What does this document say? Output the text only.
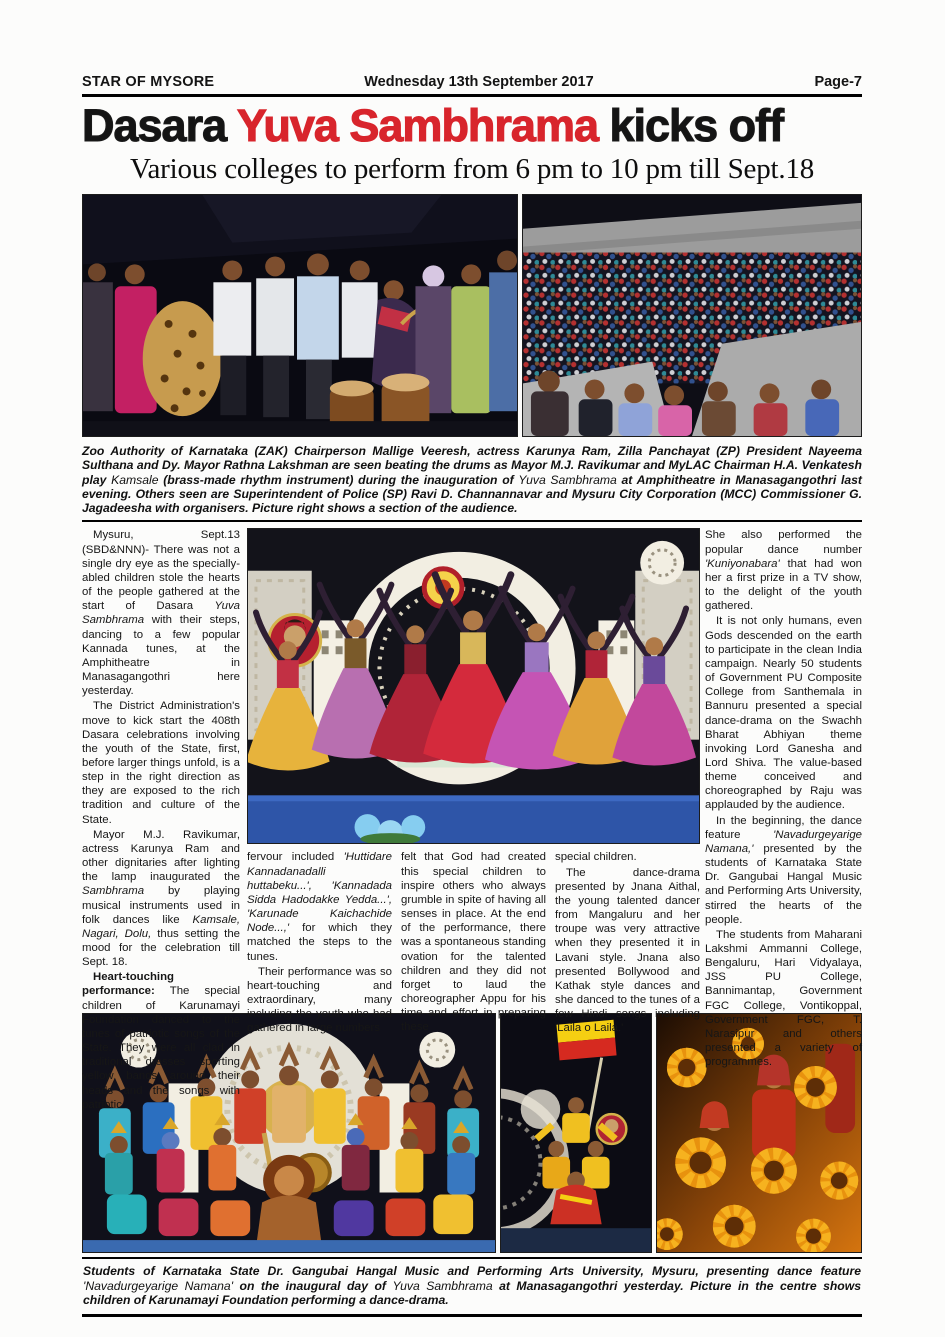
STAR OF MYSORE	Wednesday 13th September 2017	Page-7
Dasara Yuva Sambhrama kicks off
Various colleges to perform from 6 pm to 10 pm till Sept.18

Zoo Authority of Karnataka (ZAK) Chairperson Mallige Veeresh, actress Karunya Ram, Zilla Panchayat (ZP) President Nayeema Sulthana and Dy. Mayor Rathna Lakshman are seen beating the drums as Mayor M.J. Ravikumar and MyLAC Chairman H.A. Venkatesh play Kamsale (brass-made rhythm instrument) during the inauguration of Yuva Sambhrama at Amphitheatre in Manasagangothri last evening. Others seen are Superintendent of Police (SP) Ravi D. Channannavar and Mysuru City Corporation (MCC) Commissioner G. Jagadeesha with organisers. Picture right shows a section of the audience.

Mysuru, Sept.13 (SBD&NNN)- There was not a single dry eye as the specially-abled children stole the hearts of the people gathered at the start of Dasara Yuva Sambhrama with their steps, dancing to a few popular Kannada tunes, at the Amphitheatre in Manasagangothri here yesterday.

The District Administration's move to kick start the 408th Dasara celebrations involving the youth of the State, first, before larger things unfold, is a step in the right direction as they are exposed to the rich tradition and culture of the State.

Mayor M.J. Ravikumar, actress Karunya Ram and other dignitaries after lighting the lamp inaugurated the Sambhrama by playing musical instruments used in folk dances like Kamsale, Nagari, Dolu, thus setting the mood for the celebration till Sept. 18.

Heart-touching performance: The special children of Karunamayi Foundation danced to the tunes of patriotic songs of the State. They were all clad in traditional dresses sporting yellow bands around their heads and the songs with patriotic

fervour included 'Huttidare Kannadanadalli huttabeku...', 'Kannadada Sidda Hadodakke Yedda...', 'Karunade Kaichachide Node...,' for which they matched the steps to the tunes.

Their performance was so heart-touching and extraordinary, many including the youth who had gathered in large numbers

felt that God had created this special children to inspire others who always grumble in spite of having all senses in place. At the end of the performance, there was a spontaneous standing ovation for the talented children and they did not forget to laud the choreographer Appu for his time and effort in preparing these

special children.

The dance-drama presented by Jnana Aithal, the young talented dancer from Mangaluru and her troupe was very attractive when they presented it in Lavani style. Jnana also presented Bollywood and Kathak style dances and she danced to the tunes of a few Hindi songs including 'Laila o Laila.'

She also performed the popular dance number 'Kuniyonabara' that had won her a first prize in a TV show, to the delight of the youth gathered.

It is not only humans, even Gods descended on the earth to participate in the clean India campaign. Nearly 50 students of Government PU Composite College from Santhemala in Bannuru presented a special dance-drama on the Swachh Bharat Abhiyan theme invoking Lord Ganesha and Lord Shiva. The value-based theme conceived and choreographed by Raju was applauded by the audience.

In the beginning, the dance feature 'Navadurgeyarige Namana,' presented by the students of Karnataka State Dr. Gangubai Hangal Music and Performing Arts University, stirred the hearts of the people.

The students from Maharani Lakshmi Ammanni College, Bengaluru, Hari Vidyalaya, JSS PU College, Bannimantap, Government FGC College, Vontikoppal, Government FGC, T. Narasipur and others presented a variety of programmes.

Students of Karnataka State Dr. Gangubai Hangal Music and Performing Arts University, Mysuru, presenting dance feature 'Navadurgeyarige Namana' on the inaugural day of Yuva Sambhrama at Manasagangothri yesterday. Picture in the centre shows children of Karunamayi Foundation performing a dance-drama.
